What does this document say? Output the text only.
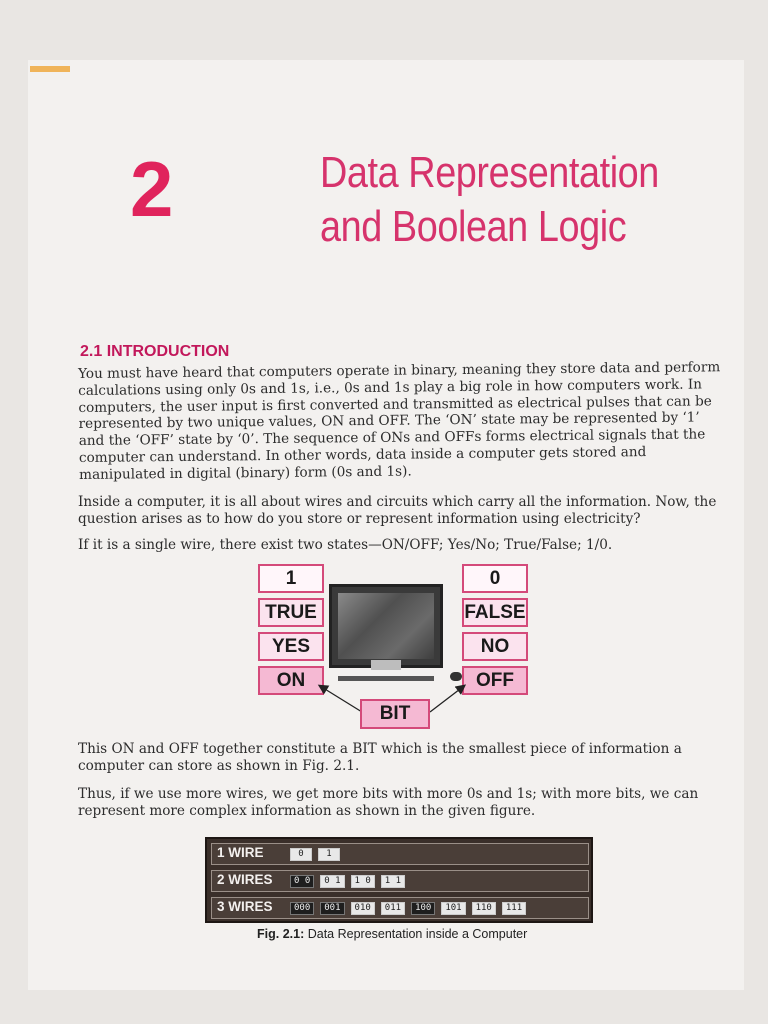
2	Data Representation
and Boolean Logic
2.1 INTRODUCTION

You must have heard that computers operate in binary, meaning they store data and perform calculations using only 0s and 1s, i.e., 0s and 1s play a big role in how computers work. In computers, the user input is first converted and transmitted as electrical pulses that can be represented by two unique values, ON and OFF. The ‘ON’ state may be represented by ‘1’ and the ‘OFF’ state by ‘0’. The sequence of ONs and OFFs forms electrical signals that the computer can understand. In other words, data inside a computer gets stored and manipulated in digital (binary) form (0s and 1s).

Inside a computer, it is all about wires and circuits which carry all the information. Now, the question arises as to how do you store or represent information using electricity?

If it is a single wire, there exist two states—ON/OFF; Yes/No; True/False; 1/0.

1
TRUE
YES
ON
0
FALSE
NO
OFF
BIT

This ON and OFF together constitute a BIT which is the smallest piece of information a computer can store as shown in Fig. 2.1.

Thus, if we use more wires, we get more bits with more 0s and 1s; with more bits, we can represent more complex information as shown in the given figure.

1 WIRE	0	1
2 WIRES	0 0	0 1	1 0	1 1
3 WIRES	000	001	010	011	100	101	110	111
Fig. 2.1: Data Representation inside a Computer
